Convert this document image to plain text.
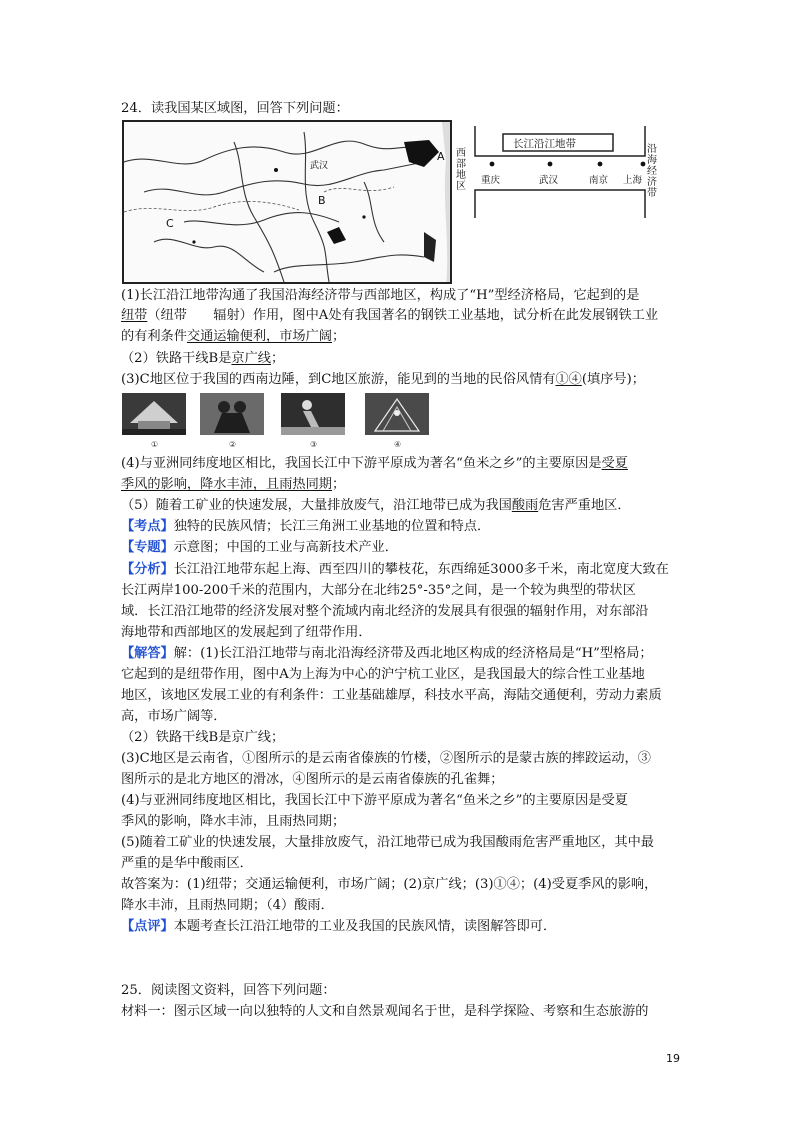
24．读我国某区域图，回答下列问题：
A
B
C
武汉
长江沿江地带
西部地区
沿海经济带
重庆	武汉	南京 上海
(1)长江沿江地带沟通了我国沿海经济带与西部地区，构成了“H”型经济格局，它起到的是
纽带（纽带　　辐射）作用，图中A处有我国著名的钢铁工业基地，试分析在此发展钢铁工业
的有利条件交通运输便利，市场广阔；
（2）铁路干线B是京广线；
(3)C地区位于我国的西南边陲，到C地区旅游，能见到的当地的民俗风情有①④(填序号)；
①	②	③	④
(4)与亚洲同纬度地区相比，我国长江中下游平原成为著名“鱼米之乡”的主要原因是受夏
季风的影响，降水丰沛，且雨热同期；
（5）随着工矿业的快速发展，大量排放废气，沿江地带已成为我国酸雨危害严重地区．
【考点】独特的民族风情；长江三角洲工业基地的位置和特点．
【专题】示意图；中国的工业与高新技术产业．
【分析】长江沿江地带东起上海、西至四川的攀枝花，东西绵延3000多千米，南北宽度大致在
长江两岸100-200千米的范围内，大部分在北纬25°-35°之间，是一个较为典型的带状区
域．长江沿江地带的经济发展对整个流域内南北经济的发展具有很强的辐射作用，对东部沿
海地带和西部地区的发展起到了纽带作用．
【解答】解：(1)长江沿江地带与南北沿海经济带及西北地区构成的经济格局是“H”型格局；
它起到的是纽带作用，图中A为上海为中心的沪宁杭工业区，是我国最大的综合性工业基地
地区，该地区发展工业的有利条件：工业基础雄厚，科技水平高，海陆交通便利，劳动力素质
高，市场广阔等．
（2）铁路干线B是京广线；
(3)C地区是云南省，①图所示的是云南省傣族的竹楼，②图所示的是蒙古族的摔跤运动，③
图所示的是北方地区的滑冰，④图所示的是云南省傣族的孔雀舞；
(4)与亚洲同纬度地区相比，我国长江中下游平原成为著名“鱼米之乡”的主要原因是受夏
季风的影响，降水丰沛，且雨热同期；
(5)随着工矿业的快速发展，大量排放废气，沿江地带已成为我国酸雨危害严重地区，其中最
严重的是华中酸雨区．
故答案为：(1)纽带；交通运输便利，市场广阔；(2)京广线；(3)①④；(4)受夏季风的影响，
降水丰沛，且雨热同期；（4）酸雨．
【点评】本题考查长江沿江地带的工业及我国的民族风情，读图解答即可．
25．阅读图文资料，回答下列问题：
材料一：图示区域一向以独特的人文和自然景观闻名于世，是科学探险、考察和生态旅游的
19
